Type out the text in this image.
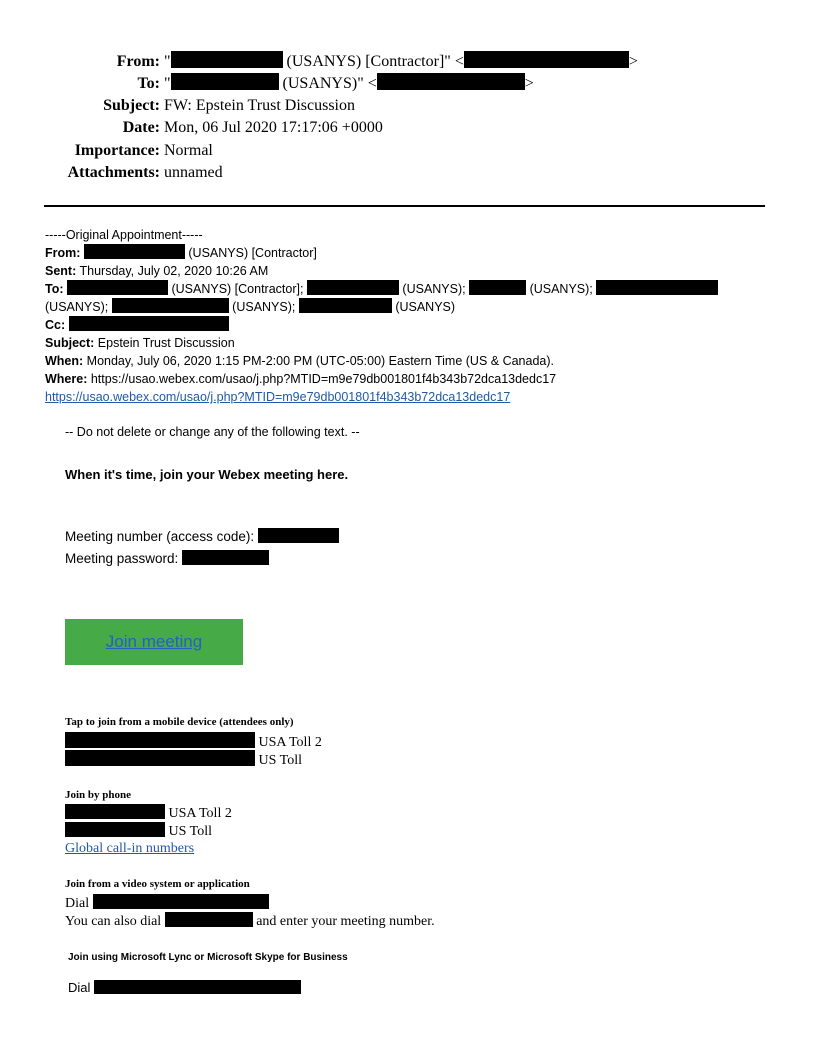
From: "	(USANYS) [Contractor]" <	>
To: "	(USANYS)" <	>
Subject: FW: Epstein Trust Discussion
Date: Mon, 06 Jul 2020 17:17:06 +0000
Importance: Normal
Attachments: unnamed
-----Original Appointment-----
From:	(USANYS) [Contractor]
Sent: Thursday, July 02, 2020 10:26 AM
To:	(USANYS) [Contractor];	(USANYS);	(USANYS);
(USANYS);	(USANYS);	(USANYS)
Cc:
Subject: Epstein Trust Discussion
When: Monday, July 06, 2020 1:15 PM-2:00 PM (UTC-05:00) Eastern Time (US & Canada).
Where: https://usao.webex.com/usao/j.php?MTID=m9e79db001801f4b343b72dca13dedc17
https://usao.webex.com/usao/j.php?MTID=m9e79db001801f4b343b72dca13dedc17
-- Do not delete or change any of the following text. --
When it's time, join your Webex meeting here.
Meeting number (access code):
Meeting password:
Join meeting
Tap to join from a mobile device (attendees only)
USA Toll 2
US Toll
Join by phone
USA Toll 2
US Toll
Global call-in numbers
Join from a video system or application
Dial
You can also dial	and enter your meeting number.
Join using Microsoft Lync or Microsoft Skype for Business
Dial
